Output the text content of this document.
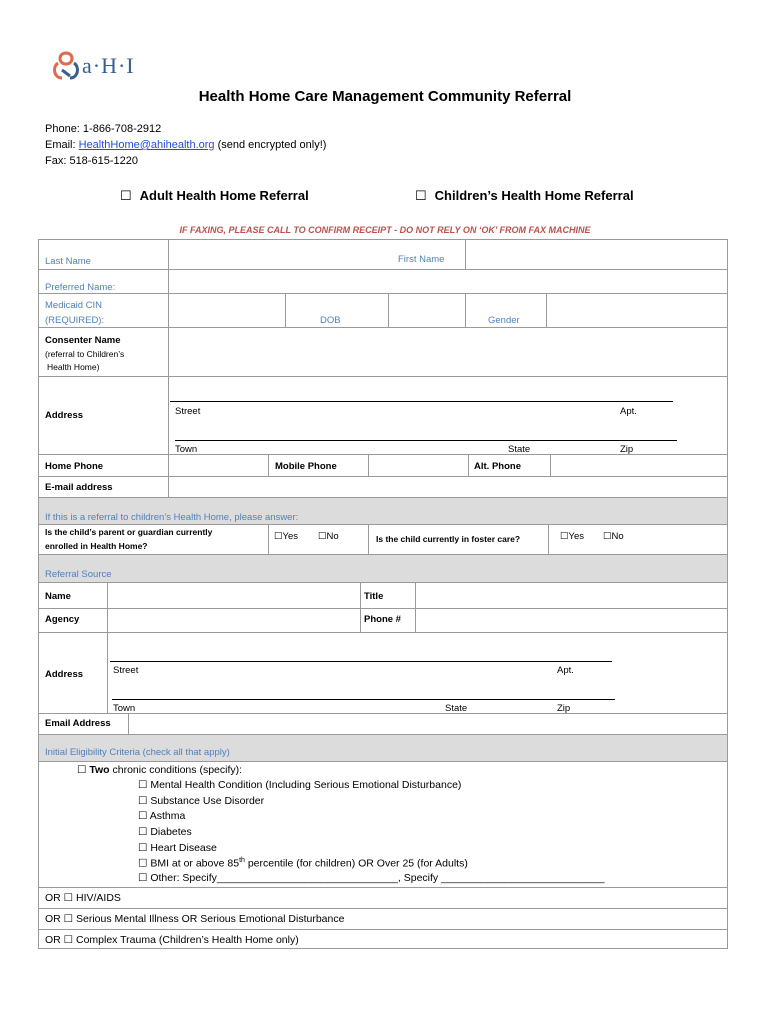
a·H·I
Health Home Care Management Community Referral
Phone: 1-866-708-2912
Email: HealthHome@ahihealth.org (send encrypted only!)
Fax: 518-615-1220
☐ Adult Health Home Referral	☐ Children’s Health Home Referral
IF FAXING, PLEASE CALL TO CONFIRM RECEIPT - DO NOT RELY ON ‘OK’ FROM FAX MACHINE
Last Name	First Name
Preferred Name:
Medicaid CIN
(REQUIRED):	DOB	Gender
Consenter Name
(referral to Children’s
Health Home)
Address	Street	Apt.
Town	State	Zip
Home Phone	Mobile Phone	Alt. Phone
E-mail address
If this is a referral to children’s Health Home, please answer:
Is the child’s parent or guardian currently
enrolled in Health Home?
☐Yes ☐No	Is the child currently in foster care?	☐Yes ☐No
Referral Source
Name	Title
Agency	Phone #
Address	Street	Apt.
Town	State	Zip
Email Address
Initial Eligibility Criteria (check all that apply)
☐ Two chronic conditions (specify):
☐ Mental Health Condition (Including Serious Emotional Disturbance)
☐ Substance Use Disorder
☐ Asthma
☐ Diabetes
☐ Heart Disease
☐ BMI at or above 85th percentile (for children) OR Over 25 (for Adults)
☐ Other: Specify_______________________________, Specify ____________________________
OR ☐ HIV/AIDS
OR ☐ Serious Mental Illness OR Serious Emotional Disturbance
OR ☐ Complex Trauma (Children’s Health Home only)
